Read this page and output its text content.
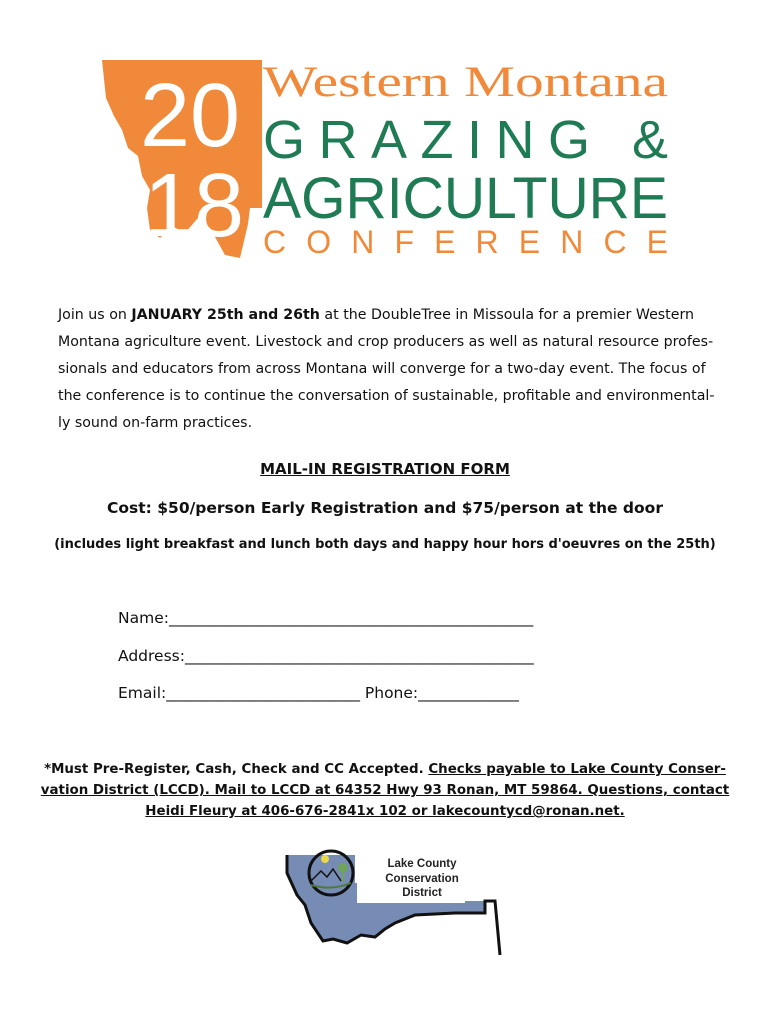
20
18
Western Montana
GRAZING &
AGRICULTURE
CONFERENCE
Join us on JANUARY 25th and 26th at the DoubleTree in Missoula for a premier Western Montana agriculture event. Livestock and crop producers as well as natural resource profes-sionals and educators from across Montana will converge for a two-day event. The focus of the conference is to continue the conversation of sustainable, profitable and environmental-ly sound on-farm practices.
MAIL-IN REGISTRATION FORM
Cost: $50/person Early Registration and $75/person at the door
(includes light breakfast and lunch both days and happy hour hors d'oeuvres on the 25th)
Name:_______________________________________________
Address:_____________________________________________
Email:_________________________ Phone:_____________
*Must Pre-Register, Cash, Check and CC Accepted. Checks payable to Lake County Conser-vation District (LCCD). Mail to LCCD at 64352 Hwy 93 Ronan, MT 59864. Questions, contact Heidi Fleury at 406-676-2841x 102 or lakecountycd@ronan.net.
Lake County
Conservation
District
